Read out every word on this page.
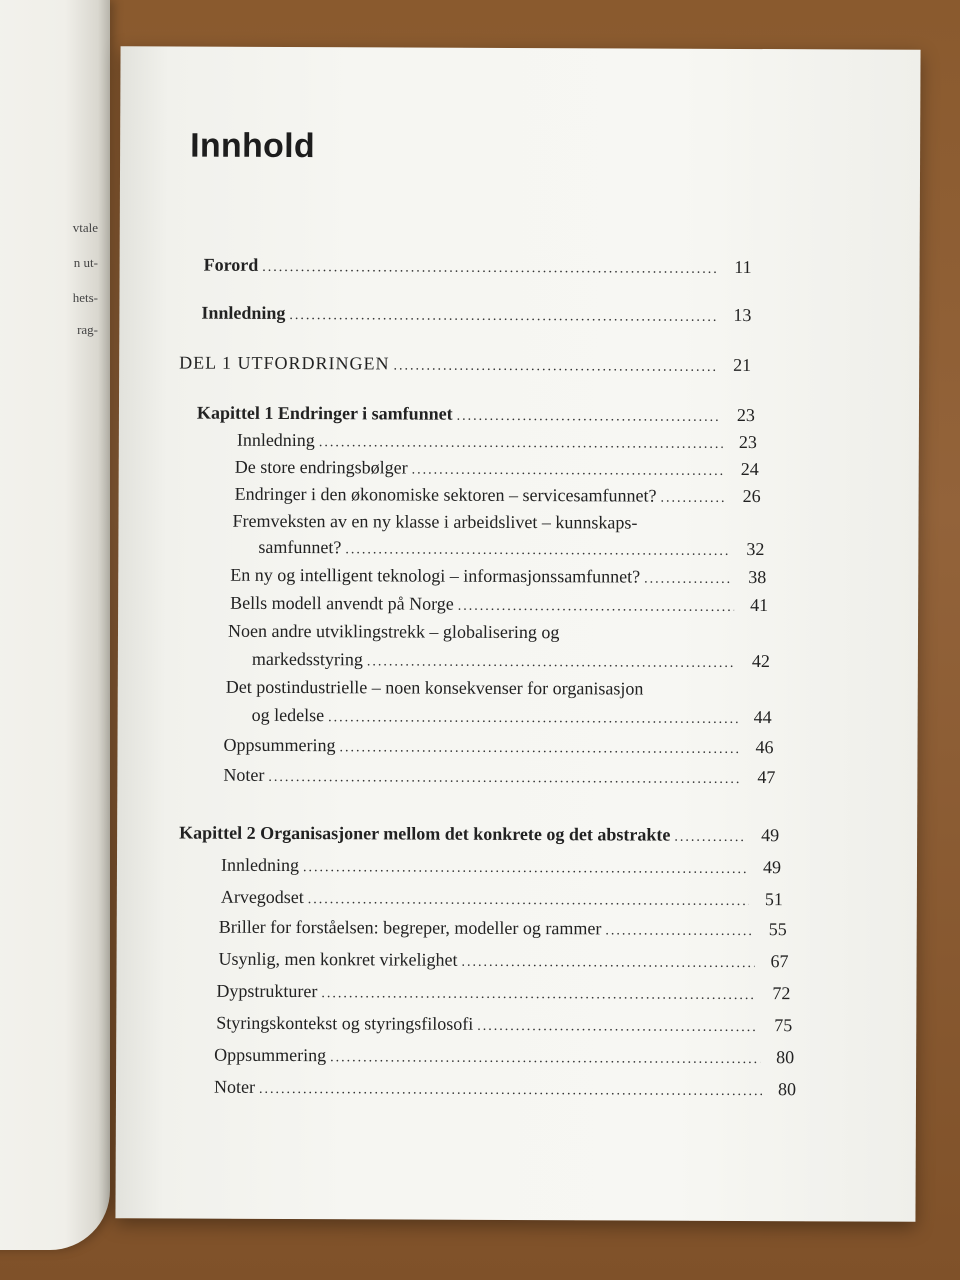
vtale
n ut-
hets-
rag-
Innhold
Forord .....	11
Innledning .....	13
DEL 1 UTFORDRINGEN .....	21
Kapittel 1 Endringer i samfunnet .....	23
Innledning .....	23
De store endringsbølger .....	24
Endringer i den økonomiske sektoren – servicesamfunnet? .....	26
Fremveksten av en ny klasse i arbeidslivet – kunnskaps-
samfunnet? .....	32
En ny og intelligent teknologi – informasjonssamfunnet? .....	38
Bells modell anvendt på Norge .....	41
Noen andre utviklingstrekk – globalisering og
markedsstyring .....	42
Det postindustrielle – noen konsekvenser for organisasjon
og ledelse .....	44
Oppsummering .....	46
Noter .....	47
Kapittel 2 Organisasjoner mellom det konkrete og det abstrakte .....	49
Innledning .....	49
Arvegodset .....	51
Briller for forståelsen: begreper, modeller og rammer .....	55
Usynlig, men konkret virkelighet .....	67
Dypstrukturer .....	72
Styringskontekst og styringsfilosofi .....	75
Oppsummering .....	80
Noter .....	80
